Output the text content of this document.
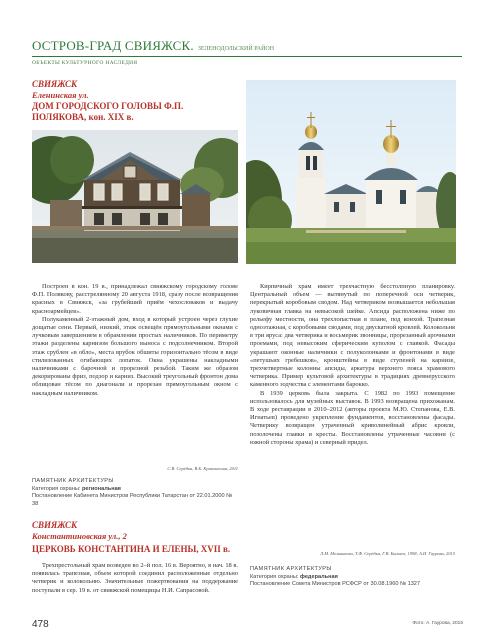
ОСТРОВ-ГРАД СВИЯЖСК. ЗЕЛЕНОДОЛЬСКИЙ РАЙОН
ОБЪЕКТЫ КУЛЬТУРНОГО НАСЛЕДИЯ
СВИЯЖСК
Еленинская ул.
ДОМ ГОРОДСКОГО ГОЛОВЫ Ф.П. ПОЛЯКОВА, кон. XIX в.

Построен в кон. 19 в., принадлежал свияжскому городскому голове Ф.П. Полякову, расстрелянному 20 августа 1918, сразу после возвращения красных в Свияжск, «за грубейший приём чехословаков и выдачу красноармейцев».

Полукаменный 2-этажный дом, вход в который устроен через глухие дощатые сени. Первый, низкий, этаж освещён прямоугольными окнами с лучковым завершением в обрамлении простых наличников. По периметру этажи разделены карнизом большого выноса с подсолнечником. Второй этаж срублен «в обло», места врубок обшиты горизонтально тёсом в виде стилизованных огибающих лопаток. Окна украшены накладными наличниками с барочной и прорезной резьбой. Таким же образом декорированы фриз, подзор и карниз. Высокий треугольный фронтон дома облицован тёсом по диагонали и прорезан прямоугольным окном с накладным наличником.

С.В. Серёдка, В.Б. Кривошеина, 2011
ПАМЯТНИК АРХИТЕКТУРЫ
Категория охраны: региональная
Постановление Кабинета Министров Республики Татарстан от 22.01.2000 № 38
СВИЯЖСК
Константиновская ул., 2
ЦЕРКОВЬ КОНСТАНТИНА И ЕЛЕНЫ, XVII в.

Трехпрестольный храм возведен во 2–й пол. 16 в. Вероятно, в нач. 18 в. появилась трапезная, объем которой соединил расположенные отдельно четверик и колокольню. Значительные пожертвования на поддержание поступали в сер. 19 в. от свияжской помещицы Н.И. Сапрасовой.

Кирпичный храм имеет трехчастную бесстолпную планировку. Центральный объем — вытянутый по поперечной оси четверик, перекрытый коробовым сводом. Над четвериком возвышается небольшая луковичная главка на невысокой шейке. Апсида расположена ниже по рельефу местности, она трехлопастная в плане, под конхой. Трапезная одноэтажная, с коробовыми сводами, под двускатной кровлей. Колокольня в три яруса: два четверика и восьмерик звонницы, прорезанный арочными проемами, под невысоким сферическим куполом с главкой. Фасады украшают оконные наличники с полуколонками и фронтонами в виде «петушьих гребешков», кронштейны в виде ступеней на карнизе, трехчетвертные колонны апсиды, аркатура верхнего пояса храмового четверика. Пример культовой архитектуры в традициях древнерусского каменного зодчества с элементами барокко.

В 1939 церковь была закрыта. С 1982 по 1993 помещение использовалось для музейных выставок. В 1993 возвращена прихожанам. В ходе реставрации в 2010–2012 (авторы проекта М.Ю. Степанова, Е.В. Игнатьев) проведено укрепление фундаментов, восстановлены фасады. Четверику возвращен утраченный криволинейный абрис кровли, позолочены главки и кресты. Восстановлены утраченные часовни (с южной стороны храма) и северный придел.

Л.М. Мельникова, Т.Ф. Серёдка, Г.В. Былыев, 1998; А.И. Гаурава, 2015
ПАМЯТНИК АРХИТЕКТУРЫ
Категория охраны: федеральная
Постановление Совета Министров РСФСР от 30.08.1960 № 1327
478	Фото: А. Гаурова, 2015
